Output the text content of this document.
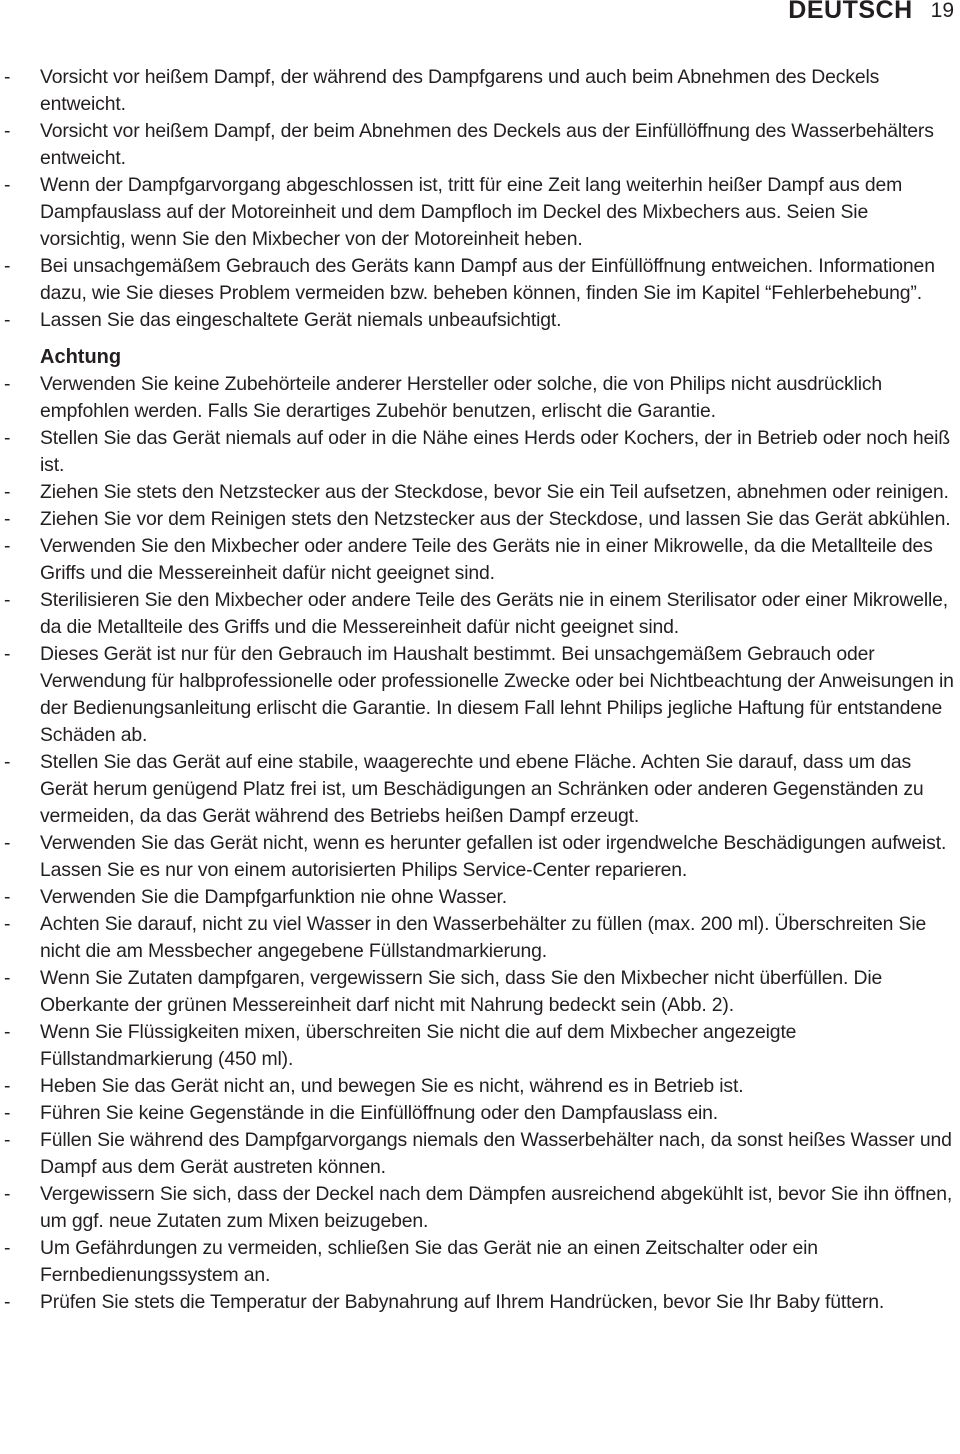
DEUTSCH 19
- Vorsicht vor heißem Dampf, der während des Dampfgarens und auch beim Abnehmen des Deckels entweicht.
- Vorsicht vor heißem Dampf, der beim Abnehmen des Deckels aus der Einfüllöffnung des Wasserbehälters entweicht.
- Wenn der Dampfgarvorgang abgeschlossen ist, tritt für eine Zeit lang weiterhin heißer Dampf aus dem Dampfauslass auf der Motoreinheit und dem Dampfloch im Deckel des Mixbechers aus. Seien Sie vorsichtig, wenn Sie den Mixbecher von der Motoreinheit heben.
- Bei unsachgemäßem Gebrauch des Geräts kann Dampf aus der Einfüllöffnung entweichen. Informationen dazu, wie Sie dieses Problem vermeiden bzw. beheben können, finden Sie im Kapitel “Fehlerbehebung”.
- Lassen Sie das eingeschaltete Gerät niemals unbeaufsichtigt.
Achtung
- Verwenden Sie keine Zubehörteile anderer Hersteller oder solche, die von Philips nicht ausdrücklich empfohlen werden. Falls Sie derartiges Zubehör benutzen, erlischt die Garantie.
- Stellen Sie das Gerät niemals auf oder in die Nähe eines Herds oder Kochers, der in Betrieb oder noch heiß ist.
- Ziehen Sie stets den Netzstecker aus der Steckdose, bevor Sie ein Teil aufsetzen, abnehmen oder reinigen.
- Ziehen Sie vor dem Reinigen stets den Netzstecker aus der Steckdose, und lassen Sie das Gerät abkühlen.
- Verwenden Sie den Mixbecher oder andere Teile des Geräts nie in einer Mikrowelle, da die Metallteile des Griffs und die Messereinheit dafür nicht geeignet sind.
- Sterilisieren Sie den Mixbecher oder andere Teile des Geräts nie in einem Sterilisator oder einer Mikrowelle, da die Metallteile des Griffs und die Messereinheit dafür nicht geeignet sind.
- Dieses Gerät ist nur für den Gebrauch im Haushalt bestimmt. Bei unsachgemäßem Gebrauch oder Verwendung für halbprofessionelle oder professionelle Zwecke oder bei Nichtbeachtung der Anweisungen in der Bedienungsanleitung erlischt die Garantie. In diesem Fall lehnt Philips jegliche Haftung für entstandene Schäden ab.
- Stellen Sie das Gerät auf eine stabile, waagerechte und ebene Fläche. Achten Sie darauf, dass um das Gerät herum genügend Platz frei ist, um Beschädigungen an Schränken oder anderen Gegenständen zu vermeiden, da das Gerät während des Betriebs heißen Dampf erzeugt.
- Verwenden Sie das Gerät nicht, wenn es herunter gefallen ist oder irgendwelche Beschädigungen aufweist. Lassen Sie es nur von einem autorisierten Philips Service-Center reparieren.
- Verwenden Sie die Dampfgarfunktion nie ohne Wasser.
- Achten Sie darauf, nicht zu viel Wasser in den Wasserbehälter zu füllen (max. 200 ml). Überschreiten Sie nicht die am Messbecher angegebene Füllstandmarkierung.
- Wenn Sie Zutaten dampfgaren, vergewissern Sie sich, dass Sie den Mixbecher nicht überfüllen. Die Oberkante der grünen Messereinheit darf nicht mit Nahrung bedeckt sein (Abb. 2).
- Wenn Sie Flüssigkeiten mixen, überschreiten Sie nicht die auf dem Mixbecher angezeigte Füllstandmarkierung (450 ml).
- Heben Sie das Gerät nicht an, und bewegen Sie es nicht, während es in Betrieb ist.
- Führen Sie keine Gegenstände in die Einfüllöffnung oder den Dampfauslass ein.
- Füllen Sie während des Dampfgarvorgangs niemals den Wasserbehälter nach, da sonst heißes Wasser und Dampf aus dem Gerät austreten können.
- Vergewissern Sie sich, dass der Deckel nach dem Dämpfen ausreichend abgekühlt ist, bevor Sie ihn öffnen, um ggf. neue Zutaten zum Mixen beizugeben.
- Um Gefährdungen zu vermeiden, schließen Sie das Gerät nie an einen Zeitschalter oder ein Fernbedienungssystem an.
- Prüfen Sie stets die Temperatur der Babynahrung auf Ihrem Handrücken, bevor Sie Ihr Baby füttern.
